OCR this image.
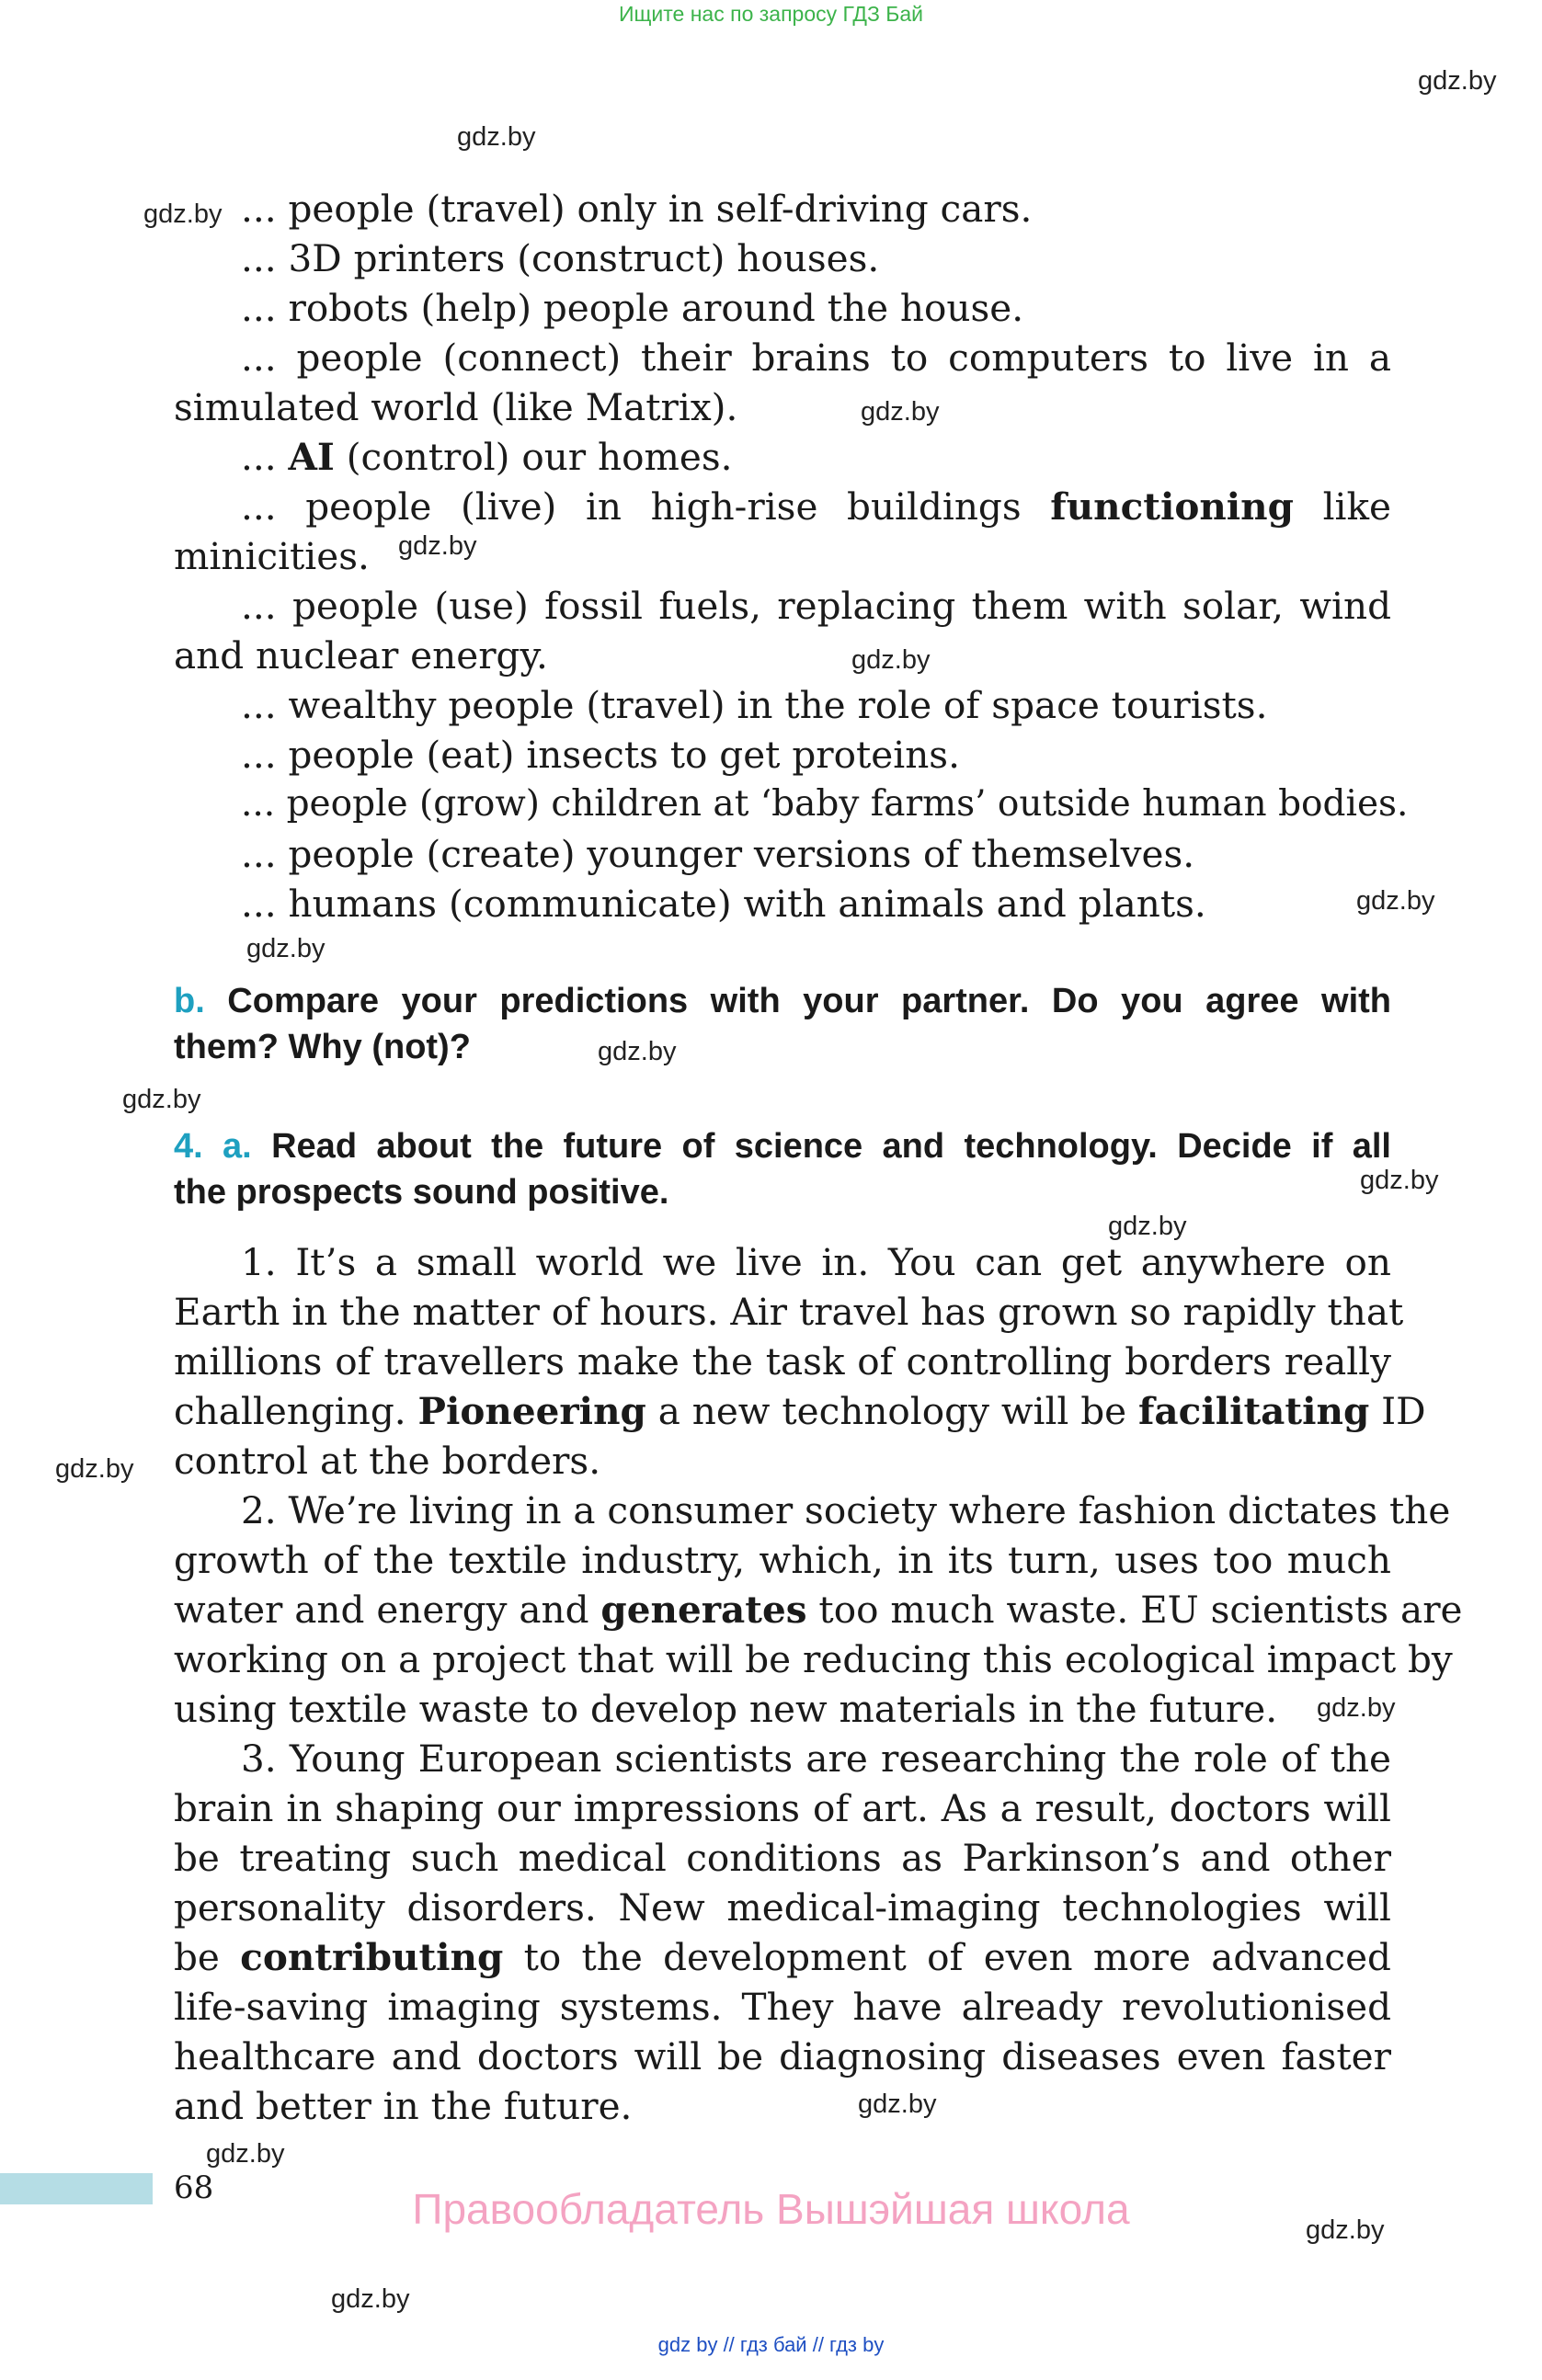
Ищите нас по запросу ГДЗ Бай
gdz.by
gdz.by
gdz.by
gdz.by
gdz.by
gdz.by
gdz.by
gdz.by
gdz.by
gdz.by
gdz.by
gdz.by
gdz.by
gdz.by
gdz.by
gdz.by
gdz.by
gdz.by
... people (travel) only in self-driving cars.
... 3D printers (construct) houses.
... robots (help) people around the house.
... people (connect) their brains to computers to live in a
simulated world (like Matrix).
... AI (control) our homes.
... people (live) in high-rise buildings functioning like
minicities.
... people (use) fossil fuels, replacing them with solar, wind
and nuclear energy.
... wealthy people (travel) in the role of space tourists.
... people (eat) insects to get proteins.
... people (grow) children at ‘baby farms’ outside human bodies.
... people (create) younger versions of themselves.
... humans (communicate) with animals and plants.
b. Compare your predictions with your partner. Do you agree with
them? Why (not)?
4. a. Read about the future of science and technology. Decide if all
the prospects sound positive.
1. It’s a small world we live in. You can get anywhere on
Earth in the matter of hours. Air travel has grown so rapidly that
millions of travellers make the task of controlling borders really
challenging. Pioneering a new technology will be facilitating ID
control at the borders.
2. We’re living in a consumer society where fashion dictates the
growth of the textile industry, which, in its turn, uses too much
water and energy and generates too much waste. EU scientists are
working on a project that will be reducing this ecological impact by
using textile waste to develop new materials in the future.
3. Young European scientists are researching the role of the
brain in shaping our impressions of art. As a result, doctors will
be treating such medical conditions as Parkinson’s and other
personality disorders. New medical-imaging technologies will
be contributing to the development of even more advanced
life-saving imaging systems. They have already revolutionised
healthcare and doctors will be diagnosing diseases even faster
and better in the future.
68	Правообладатель Вышэйшая школа
gdz by // гдз бай // гдз by
